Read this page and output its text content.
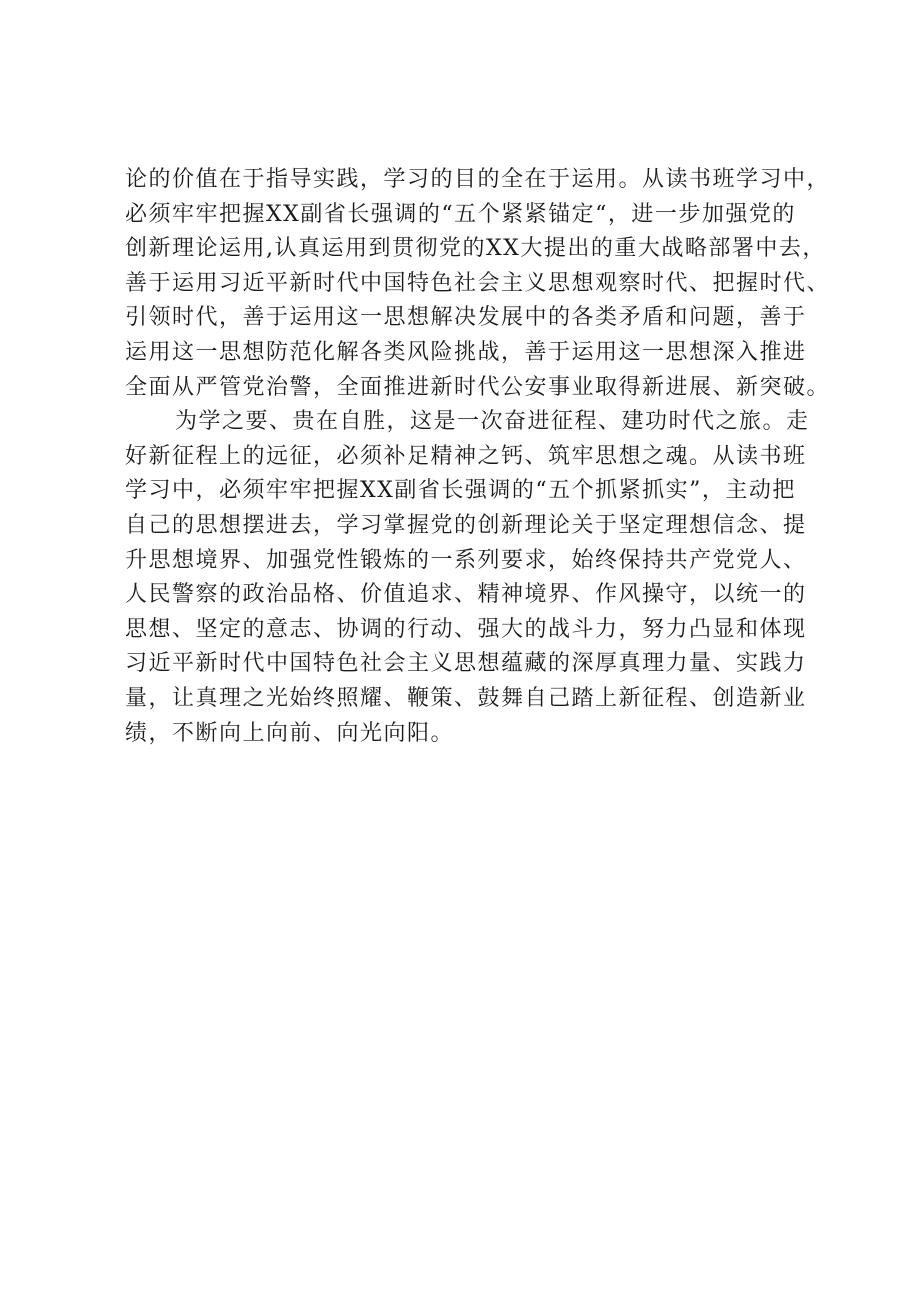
论的价值在于指导实践，学习的目的全在于运用。从读书班学习中，
必须牢牢把握XX副省长强调的“五个紧紧锚定“，进一步加强党的
创新理论运用,认真运用到贯彻党的XX大提出的重大战略部署中去，
善于运用习近平新时代中国特色社会主义思想观察时代、把握时代、
引领时代，善于运用这一思想解决发展中的各类矛盾和问题，善于
运用这一思想防范化解各类风险挑战，善于运用这一思想深入推进
全面从严管党治警，全面推进新时代公安事业取得新进展、新突破。
为学之要、贵在自胜，这是一次奋进征程、建功时代之旅。走
好新征程上的远征，必须补足精神之钙、筑牢思想之魂。从读书班
学习中，必须牢牢把握XX副省长强调的“五个抓紧抓实”，主动把
自己的思想摆进去，学习掌握党的创新理论关于坚定理想信念、提
升思想境界、加强党性锻炼的一系列要求，始终保持共产党党人、
人民警察的政治品格、价值追求、精神境界、作风操守，以统一的
思想、坚定的意志、协调的行动、强大的战斗力，努力凸显和体现
习近平新时代中国特色社会主义思想蕴藏的深厚真理力量、实践力
量，让真理之光始终照耀、鞭策、鼓舞自己踏上新征程、创造新业
绩，不断向上向前、向光向阳。
